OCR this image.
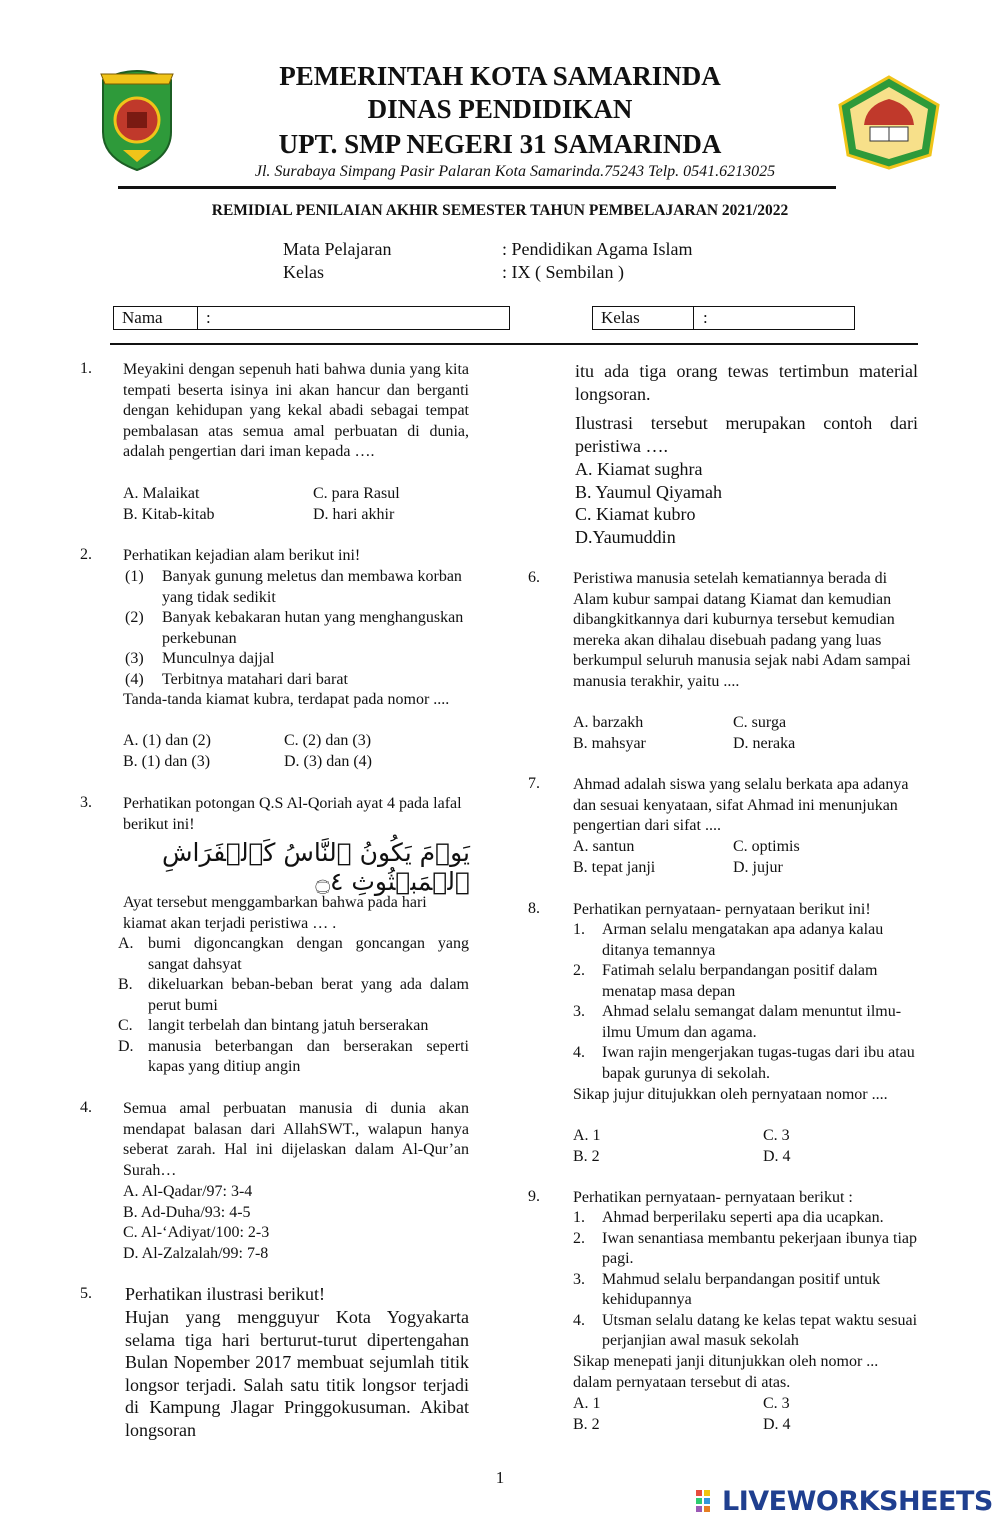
PEMERINTAH KOTA SAMARINDA
DINAS PENDIDIKAN
UPT. SMP NEGERI 31 SAMARINDA
Jl. Surabaya Simpang Pasir Palaran Kota Samarinda.75243 Telp. 0541.6213025
REMIDIAL PENILAIAN AKHIR SEMESTER TAHUN PEMBELAJARAN 2021/2022
Mata Pelajaran	: Pendidikan Agama Islam
Kelas	: IX ( Sembilan )
Nama	:	Kelas	:
1. Meyakini dengan sepenuh hati bahwa dunia yang kita tempati beserta isinya ini akan hancur dan berganti dengan kehidupan yang kekal abadi sebagai tempat pembalasan atas semua amal perbuatan di dunia, adalah pengertian dari iman kepada ….
A. Malaikat	C. para Rasul
B. Kitab-kitab	D. hari akhir
2. Perhatikan kejadian alam berikut ini!
(1)	Banyak gunung meletus dan membawa korban yang tidak sedikit
(2)	Banyak kebakaran hutan yang menghanguskan perkebunan
(3)	Munculnya dajjal
(4)	Terbitnya matahari dari barat
Tanda-tanda kiamat kubra, terdapat pada nomor ....
A. (1) dan (2)	C. (2) dan (3)
B. (1) dan (3)	D. (3) dan (4)
3. Perhatikan potongan Q.S Al-Qoriah ayat 4 pada lafal berikut ini!
يَوۡمَ يَكُونُ ٱلنَّاسُ كَٱلۡفَرَاشِ ٱلۡمَبۡثُوثِ ۝٤
Ayat tersebut menggambarkan bahwa pada hari kiamat akan terjadi peristiwa … .
A. bumi digoncangkan dengan goncangan yang sangat dahsyat
B. dikeluarkan beban-beban berat yang ada dalam perut bumi
C. langit terbelah dan bintang jatuh berserakan
D. manusia beterbangan dan berserakan seperti kapas yang ditiup angin
4. Semua amal perbuatan manusia di dunia akan mendapat balasan dari AllahSWT., walapun hanya seberat zarah. Hal ini dijelaskan dalam Al-Qur’an Surah…
A. Al-Qadar/97: 3-4
B. Ad-Duha/93: 4-5
C. Al-‘Adiyat/100: 2-3
D. Al-Zalzalah/99: 7-8
5. Perhatikan ilustrasi berikut!
Hujan yang mengguyur Kota Yogyakarta selama tiga hari berturut-turut dipertengahan Bulan Nopember 2017 membuat sejumlah titik longsor terjadi. Salah satu titik longsor terjadi di Kampung Jlagar Pringgokusuman. Akibat longsoran
itu ada tiga orang tewas tertimbun material longsoran.
Ilustrasi tersebut merupakan contoh dari peristiwa ….
A. Kiamat sughra
B. Yaumul Qiyamah
C. Kiamat kubro
D.Yaumuddin
6. Peristiwa manusia setelah kematiannya berada di Alam kubur sampai datang Kiamat dan kemudian dibangkitkannya dari kuburnya tersebut kemudian mereka akan dihalau disebuah padang yang luas berkumpul seluruh manusia sejak nabi Adam sampai manusia terakhir, yaitu ....
A. barzakh	C. surga
B. mahsyar	D. neraka
7. Ahmad adalah siswa yang selalu berkata apa adanya dan sesuai kenyataan, sifat Ahmad ini menunjukan pengertian dari sifat ....
A. santun	C. optimis
B. tepat janji	D. jujur
8. Perhatikan pernyataan- pernyataan berikut ini!
1.	Arman selalu mengatakan apa adanya kalau ditanya temannya
2.	Fatimah selalu berpandangan positif dalam menatap masa depan
3.	Ahmad selalu semangat dalam menuntut ilmu-ilmu Umum dan agama.
4.	Iwan rajin mengerjakan tugas-tugas dari ibu atau bapak gurunya di sekolah.
Sikap jujur ditujukkan oleh pernyataan nomor ....
A. 1	C. 3
B. 2	D. 4
9. Perhatikan pernyataan- pernyataan berikut :
1.	Ahmad berperilaku seperti apa dia ucapkan.
2.	Iwan senantiasa membantu pekerjaan ibunya tiap pagi.
3.	Mahmud selalu berpandangan positif untuk kehidupannya
4.	Utsman selalu datang ke kelas tepat waktu sesuai perjanjian awal masuk sekolah
Sikap menepati janji ditunjukkan oleh nomor ... dalam pernyataan tersebut di atas.
A. 1	C. 3
B. 2	D. 4
1
LIVEWORKSHEETS
